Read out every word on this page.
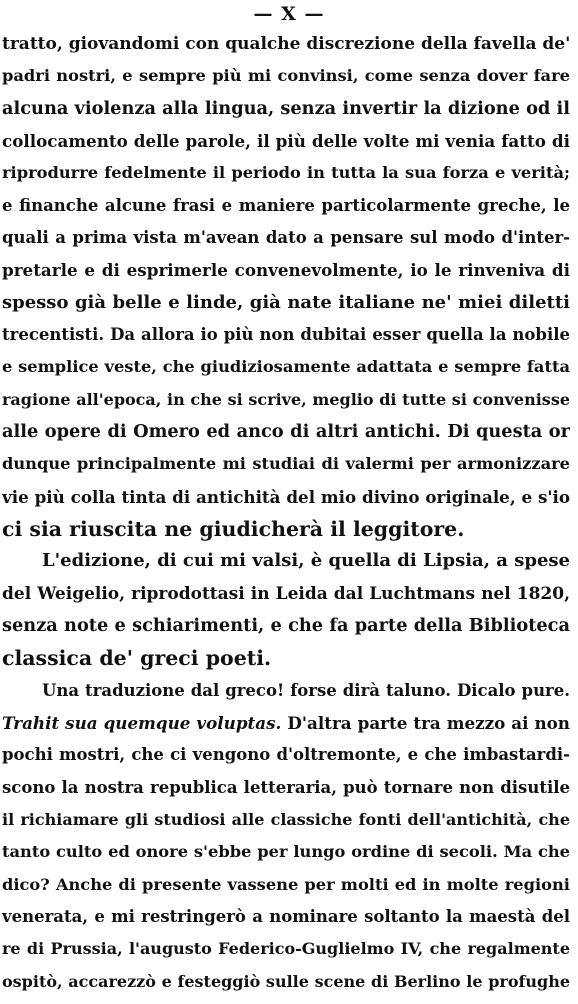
— X —
tratto, giovandomi con qualche discrezione della favella de'
padri nostri, e sempre più mi convinsi, come senza dover fare
alcuna violenza alla lingua, senza invertir la dizione od il
collocamento delle parole, il più delle volte mi venia fatto di
riprodurre fedelmente il periodo in tutta la sua forza e verità;
e finanche alcune frasi e maniere particolarmente greche, le
quali a prima vista m'avean dato a pensare sul modo d'inter-
pretarle e di esprimerle convenevolmente, io le rinveniva di
spesso già belle e linde, già nate italiane ne' miei diletti
trecentisti. Da allora io più non dubitai esser quella la nobile
e semplice veste, che giudiziosamente adattata e sempre fatta
ragione all'epoca, in che si scrive, meglio di tutte si convenisse
alle opere di Omero ed anco di altri antichi. Di questa or
dunque principalmente mi studiai di valermi per armonizzare
vie più colla tinta di antichità del mio divino originale, e s'io
ci sia riuscita ne giudicherà il leggitore.
L'edizione, di cui mi valsi, è quella di Lipsia, a spese
del Weigelio, riprodottasi in Leida dal Luchtmans nel 1820,
senza note e schiarimenti, e che fa parte della Biblioteca
classica de' greci poeti.
Una traduzione dal greco! forse dirà taluno. Dicalo pure.
Trahit sua quemque voluptas. D'altra parte tra mezzo ai non
pochi mostri, che ci vengono d'oltremonte, e che imbastardi-
scono la nostra republica letteraria, può tornare non disutile
il richiamare gli studiosi alle classiche fonti dell'antichità, che
tanto culto ed onore s'ebbe per lungo ordine di secoli. Ma che
dico? Anche di presente vassene per molti ed in molte regioni
venerata, e mi restringerò a nominare soltanto la maestà del
re di Prussia, l'augusto Federico-Guglielmo IV, che regalmente
ospitò, accarezzò e festeggiò sulle scene di Berlino le profughe
